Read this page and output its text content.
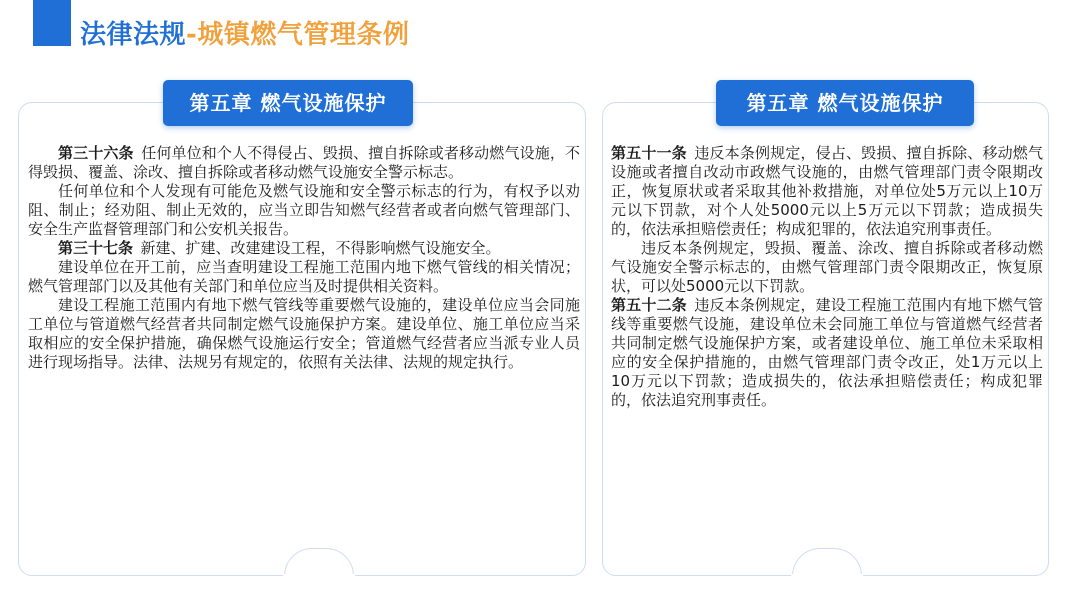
法律法规-城镇燃气管理条例
第五章 燃气设施保护	第五章 燃气设施保护

第三十六条 任何单位和个人不得侵占、毁损、擅自拆除或者移动燃气设施，不得毁损、覆盖、涂改、擅自拆除或者移动燃气设施安全警示标志。

任何单位和个人发现有可能危及燃气设施和安全警示标志的行为，有权予以劝阻、制止；经劝阻、制止无效的，应当立即告知燃气经营者或者向燃气管理部门、安全生产监督管理部门和公安机关报告。

第三十七条 新建、扩建、改建建设工程，不得影响燃气设施安全。

建设单位在开工前，应当查明建设工程施工范围内地下燃气管线的相关情况；燃气管理部门以及其他有关部门和单位应当及时提供相关资料。

建设工程施工范围内有地下燃气管线等重要燃气设施的，建设单位应当会同施工单位与管道燃气经营者共同制定燃气设施保护方案。建设单位、施工单位应当采取相应的安全保护措施，确保燃气设施运行安全；管道燃气经营者应当派专业人员进行现场指导。法律、法规另有规定的，依照有关法律、法规的规定执行。

第五十一条 违反本条例规定，侵占、毁损、擅自拆除、移动燃气设施或者擅自改动市政燃气设施的，由燃气管理部门责令限期改正，恢复原状或者采取其他补救措施，对单位处5万元以上10万元以下罚款，对个人处5000元以上5万元以下罚款；造成损失的，依法承担赔偿责任；构成犯罪的，依法追究刑事责任。

违反本条例规定，毁损、覆盖、涂改、擅自拆除或者移动燃气设施安全警示标志的，由燃气管理部门责令限期改正，恢复原状，可以处5000元以下罚款。

第五十二条 违反本条例规定，建设工程施工范围内有地下燃气管线等重要燃气设施，建设单位未会同施工单位与管道燃气经营者共同制定燃气设施保护方案，或者建设单位、施工单位未采取相应的安全保护措施的，由燃气管理部门责令改正，处1万元以上10万元以下罚款；造成损失的，依法承担赔偿责任；构成犯罪的，依法追究刑事责任。
